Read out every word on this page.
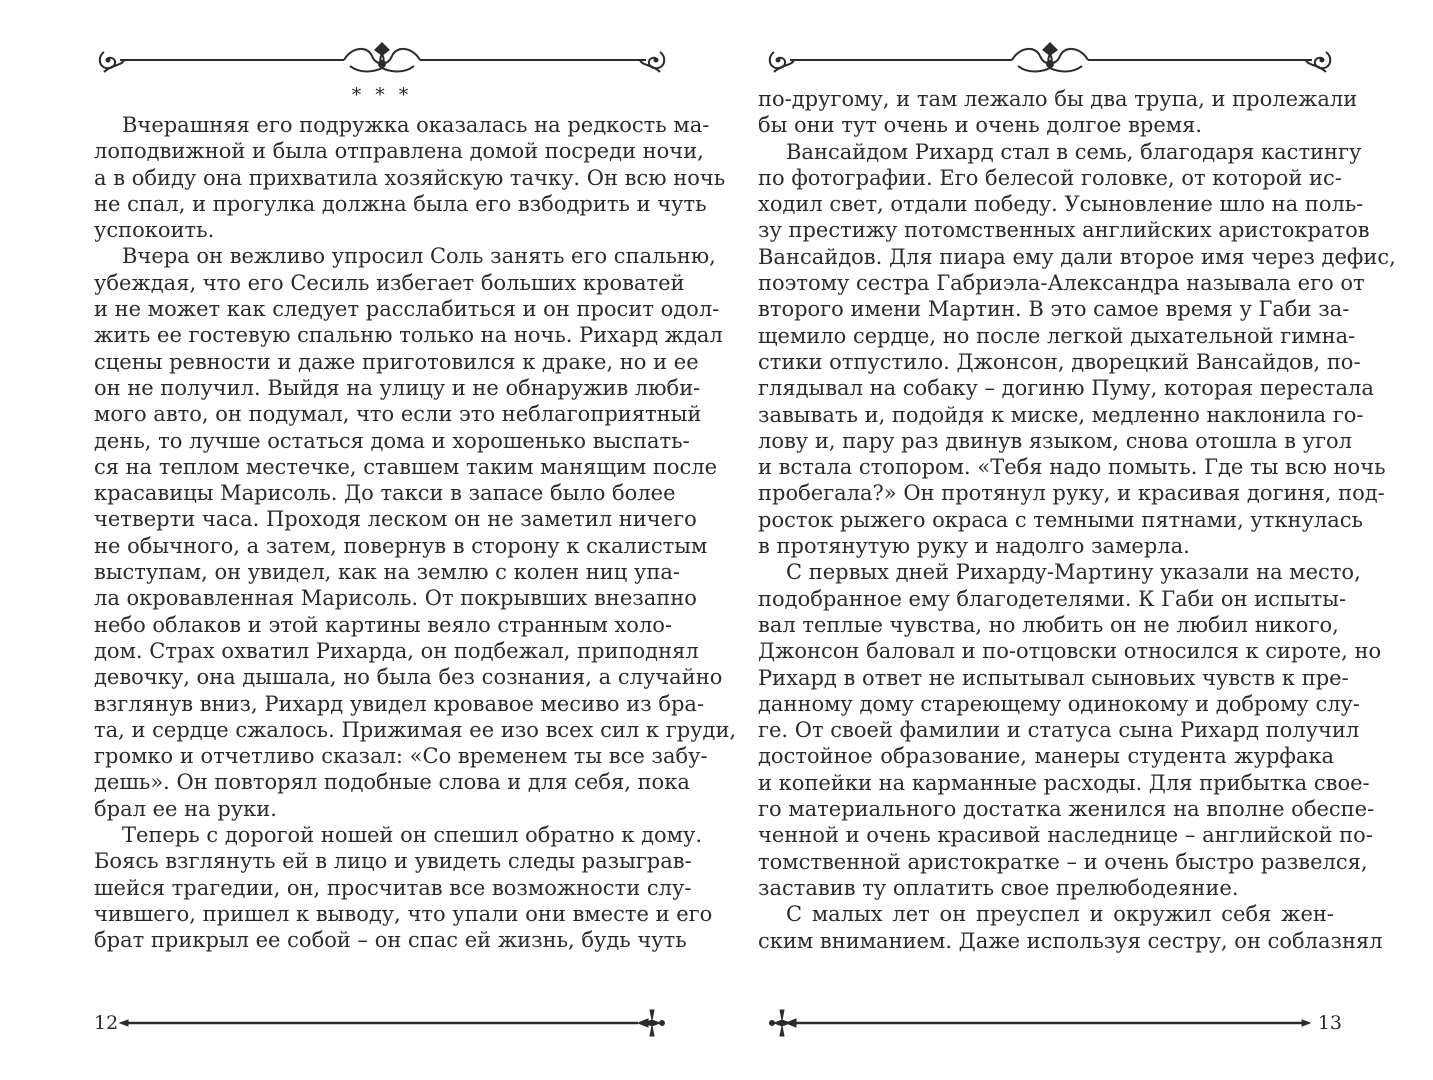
* * *
Вчерашняя его подружка оказалась на редкость ма-
лоподвижной и была отправлена домой посреди ночи,
а в обиду она прихватила хозяйскую тачку. Он всю ночь
не спал, и прогулка должна была его взбодрить и чуть
успокоить.
Вчера он вежливо упросил Соль занять его спальню,
убеждая, что его Сесиль избегает больших кроватей
и не может как следует расслабиться и он просит одол-
жить ее гостевую спальню только на ночь. Рихард ждал
сцены ревности и даже приготовился к драке, но и ее
он не получил. Выйдя на улицу и не обнаружив люби-
мого авто, он подумал, что если это неблагоприятный
день, то лучше остаться дома и хорошенько выспать-
ся на теплом местечке, ставшем таким манящим после
красавицы Марисоль. До такси в запасе было более
четверти часа. Проходя леском он не заметил ничего
не обычного, а затем, повернув в сторону к скалистым
выступам, он увидел, как на землю с колен ниц упа-
ла окровавленная Марисоль. От покрывших внезапно
небо облаков и этой картины веяло странным холо-
дом. Страх охватил Рихарда, он подбежал, приподнял
девочку, она дышала, но была без сознания, а случайно
взглянув вниз, Рихард увидел кровавое месиво из бра-
та, и сердце сжалось. Прижимая ее изо всех сил к груди,
громко и отчетливо сказал: «Со временем ты все забу-
дешь». Он повторял подобные слова и для себя, пока
брал ее на руки.
Теперь с дорогой ношей он спешил обратно к дому.
Боясь взглянуть ей в лицо и увидеть следы разыграв-
шейся трагедии, он, просчитав все возможности слу-
чившего, пришел к выводу, что упали они вместе и его
брат прикрыл ее собой – он спас ей жизнь, будь чуть
12
по-другому, и там лежало бы два трупа, и пролежали
бы они тут очень и очень долгое время.
Вансайдом Рихард стал в семь, благодаря кастингу
по фотографии. Его белесой головке, от которой ис-
ходил свет, отдали победу. Усыновление шло на поль-
зу престижу потомственных английских аристократов
Вансайдов. Для пиара ему дали второе имя через дефис,
поэтому сестра Габриэла-Александра называла его от
второго имени Мартин. В это самое время у Габи за-
щемило сердце, но после легкой дыхательной гимна-
стики отпустило. Джонсон, дворецкий Вансайдов, по-
глядывал на собаку – догиню Пуму, которая перестала
завывать и, подойдя к миске, медленно наклонила го-
лову и, пару раз двинув языком, снова отошла в угол
и встала стопором. «Тебя надо помыть. Где ты всю ночь
пробегала?» Он протянул руку, и красивая догиня, под-
росток рыжего окраса с темными пятнами, уткнулась
в протянутую руку и надолго замерла.
С первых дней Рихарду-Мартину указали на место,
подобранное ему благодетелями. К Габи он испыты-
вал теплые чувства, но любить он не любил никого,
Джонсон баловал и по-отцовски относился к сироте, но
Рихард в ответ не испытывал сыновьих чувств к пре-
данному дому стареющему одинокому и доброму слу-
ге. От своей фамилии и статуса сына Рихард получил
достойное образование, манеры студента журфака
и копейки на карманные расходы. Для прибытка свое-
го материального достатка женился на вполне обеспе-
ченной и очень красивой наследнице – английской по-
томственной аристократке – и очень быстро развелся,
заставив ту оплатить свое прелюбодеяние.
С малых лет он преуспел и окружил себя жен-
ским вниманием. Даже используя сестру, он соблазнял
13
